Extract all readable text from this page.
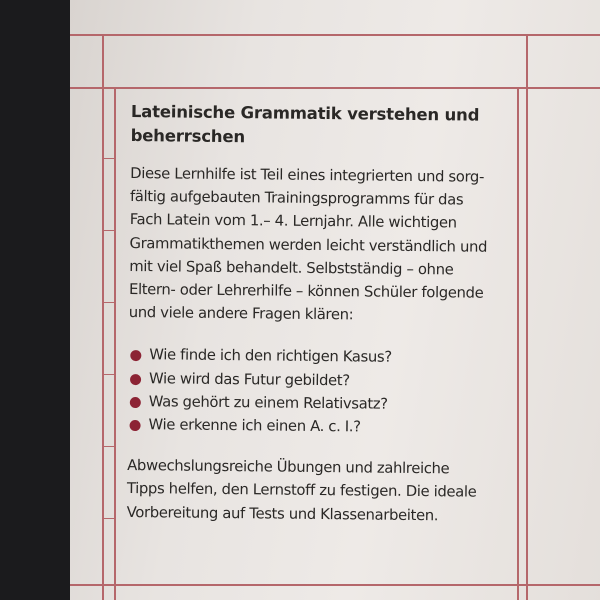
Lateinische Grammatik verstehen und
beherrschen

Diese Lernhilfe ist Teil eines integrierten und sorg-
fältig aufgebauten Trainingsprogramms für das
Fach Latein vom 1.– 4. Lernjahr. Alle wichtigen
Grammatikthemen werden leicht verständlich und
mit viel Spaß behandelt. Selbstständig – ohne
Eltern- oder Lehrerhilfe – können Schüler folgende
und viele andere Fragen klären:

Wie finde ich den richtigen Kasus?
Wie wird das Futur gebildet?
Was gehört zu einem Relativsatz?
Wie erkenne ich einen A. c. I.?

Abwechslungsreiche Übungen und zahlreiche
Tipps helfen, den Lernstoff zu festigen. Die ideale
Vorbereitung auf Tests und Klassenarbeiten.
